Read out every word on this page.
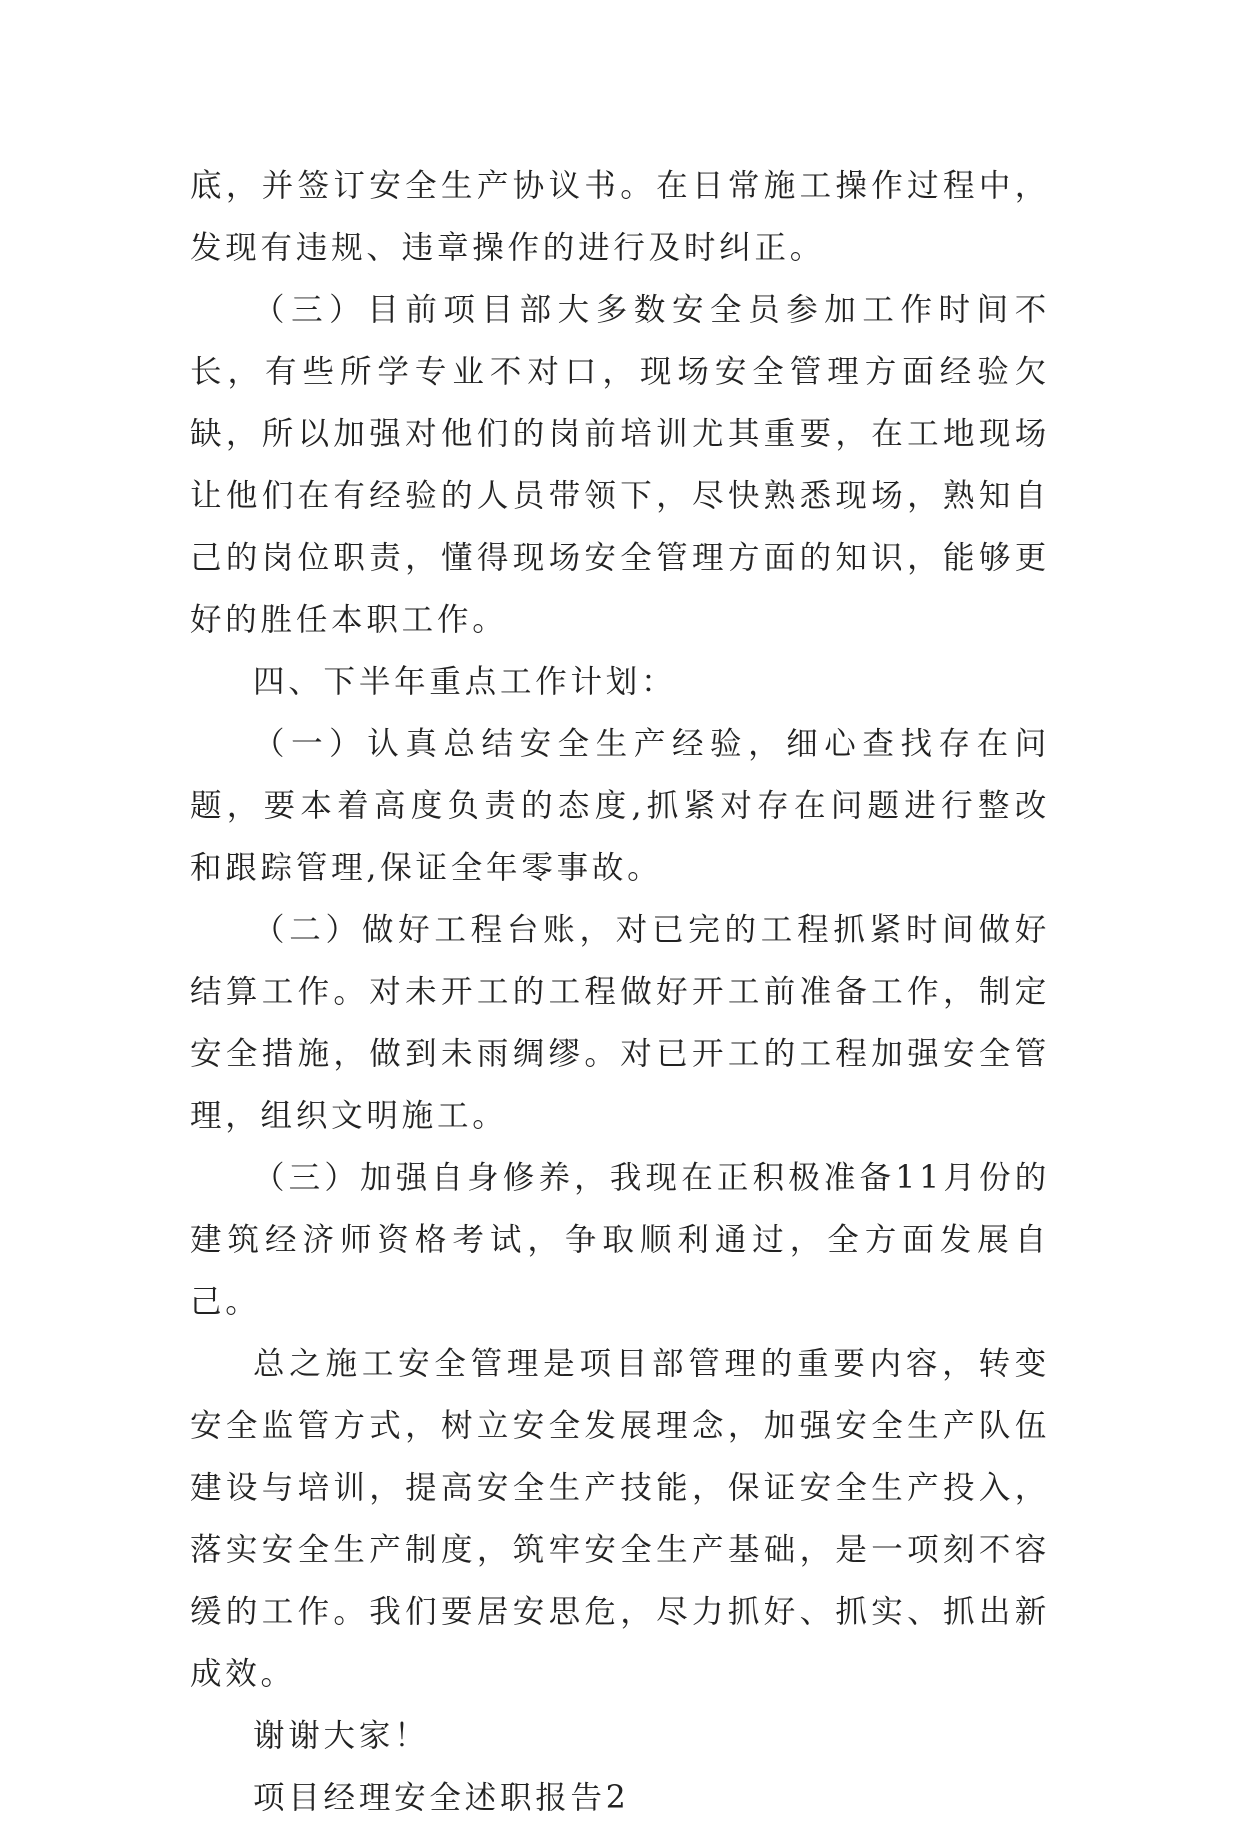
底，并签订安全生产协议书。在日常施工操作过程中，发现有违规、违章操作的进行及时纠正。

（三）目前项目部大多数安全员参加工作时间不长，有些所学专业不对口，现场安全管理方面经验欠缺，所以加强对他们的岗前培训尤其重要，在工地现场让他们在有经验的人员带领下，尽快熟悉现场，熟知自己的岗位职责，懂得现场安全管理方面的知识，能够更好的胜任本职工作。

四、下半年重点工作计划：

（一）认真总结安全生产经验，细心查找存在问题，要本着高度负责的态度,抓紧对存在问题进行整改和跟踪管理,保证全年零事故。

（二）做好工程台账，对已完的工程抓紧时间做好结算工作。对未开工的工程做好开工前准备工作，制定安全措施，做到未雨绸缪。对已开工的工程加强安全管理，组织文明施工。

（三）加强自身修养，我现在正积极准备11月份的建筑经济师资格考试，争取顺利通过，全方面发展自己。

总之施工安全管理是项目部管理的重要内容，转变安全监管方式，树立安全发展理念，加强安全生产队伍建设与培训，提高安全生产技能，保证安全生产投入，落实安全生产制度，筑牢安全生产基础，是一项刻不容缓的工作。我们要居安思危，尽力抓好、抓实、抓出新成效。

谢谢大家！

项目经理安全述职报告2
